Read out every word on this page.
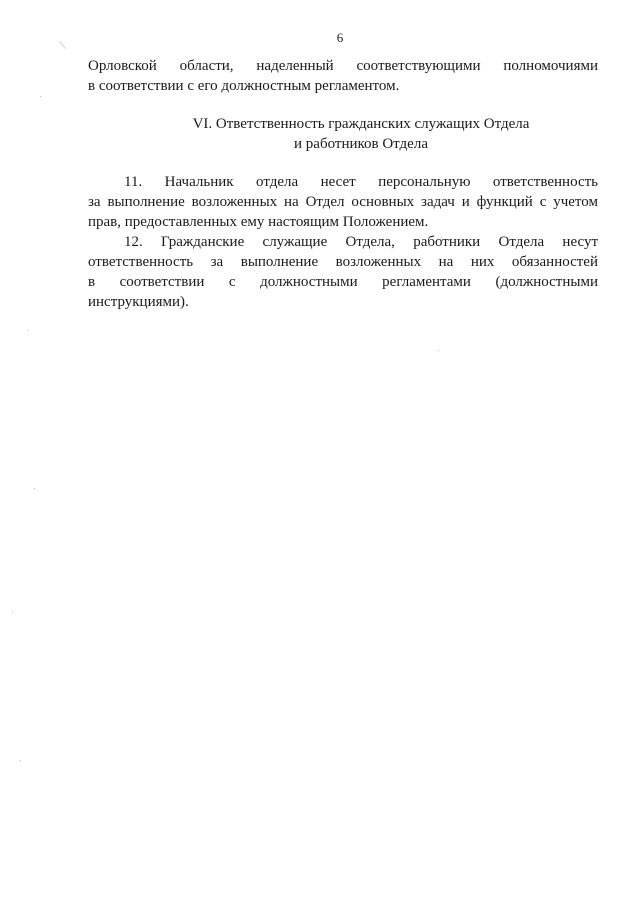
6
Орловской области, наделенный соответствующими полномочиями
в соответствии с его должностным регламентом.
VI. Ответственность гражданских служащих Отдела
и работников Отдела
11. Начальник отдела несет персональную ответственность
за выполнение возложенных на Отдел основных задач и функций с учетом
прав, предоставленных ему настоящим Положением.
12. Гражданские служащие Отдела, работники Отдела несут
ответственность за выполнение возложенных на них обязанностей
в соответствии с должностными регламентами (должностными
инструкциями).
